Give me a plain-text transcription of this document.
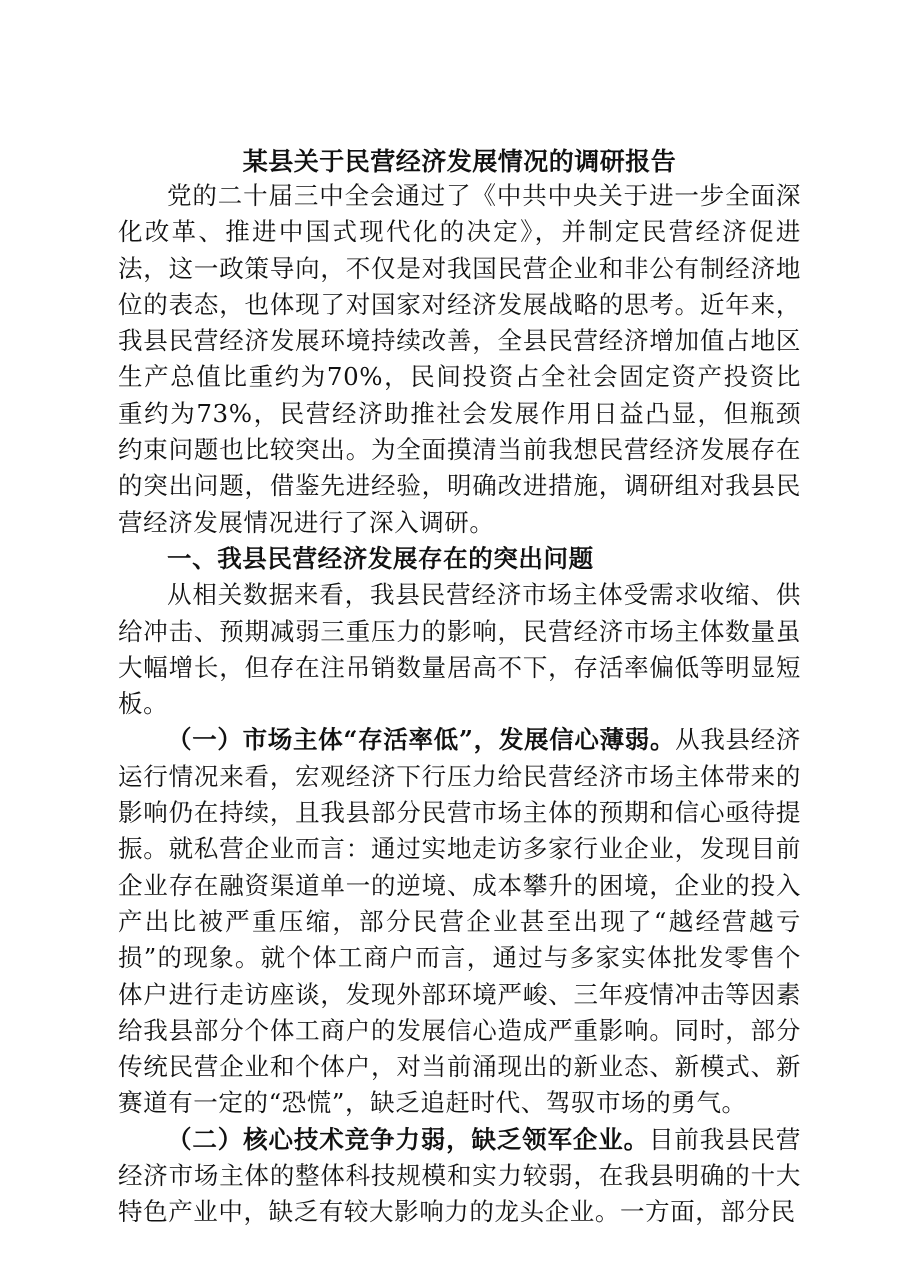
某县关于民营经济发展情况的调研报告

党的二十届三中全会通过了《中共中央关于进一步全面深化改革、推进中国式现代化的决定》，并制定民营经济促进法，这一政策导向，不仅是对我国民营企业和非公有制经济地位的表态，也体现了对国家对经济发展战略的思考。近年来，我县民营经济发展环境持续改善，全县民营经济增加值占地区生产总值比重约为70%，民间投资占全社会固定资产投资比重约为73%，民营经济助推社会发展作用日益凸显，但瓶颈约束问题也比较突出。为全面摸清当前我想民营经济发展存在的突出问题，借鉴先进经验，明确改进措施，调研组对我县民营经济发展情况进行了深入调研。

一、我县民营经济发展存在的突出问题

从相关数据来看，我县民营经济市场主体受需求收缩、供给冲击、预期减弱三重压力的影响，民营经济市场主体数量虽大幅增长，但存在注吊销数量居高不下，存活率偏低等明显短板。

（一）市场主体“存活率低”，发展信心薄弱。从我县经济运行情况来看，宏观经济下行压力给民营经济市场主体带来的影响仍在持续，且我县部分民营市场主体的预期和信心亟待提振。就私营企业而言：通过实地走访多家行业企业，发现目前企业存在融资渠道单一的逆境、成本攀升的困境，企业的投入产出比被严重压缩，部分民营企业甚至出现了“越经营越亏损”的现象。就个体工商户而言，通过与多家实体批发零售个体户进行走访座谈，发现外部环境严峻、三年疫情冲击等因素给我县部分个体工商户的发展信心造成严重影响。同时，部分传统民营企业和个体户，对当前涌现出的新业态、新模式、新赛道有一定的“恐慌”，缺乏追赶时代、驾驭市场的勇气。

（二）核心技术竞争力弱，缺乏领军企业。目前我县民营经济市场主体的整体科技规模和实力较弱，在我县明确的十大特色产业中，缺乏有较大影响力的龙头企业。一方面，部分民
